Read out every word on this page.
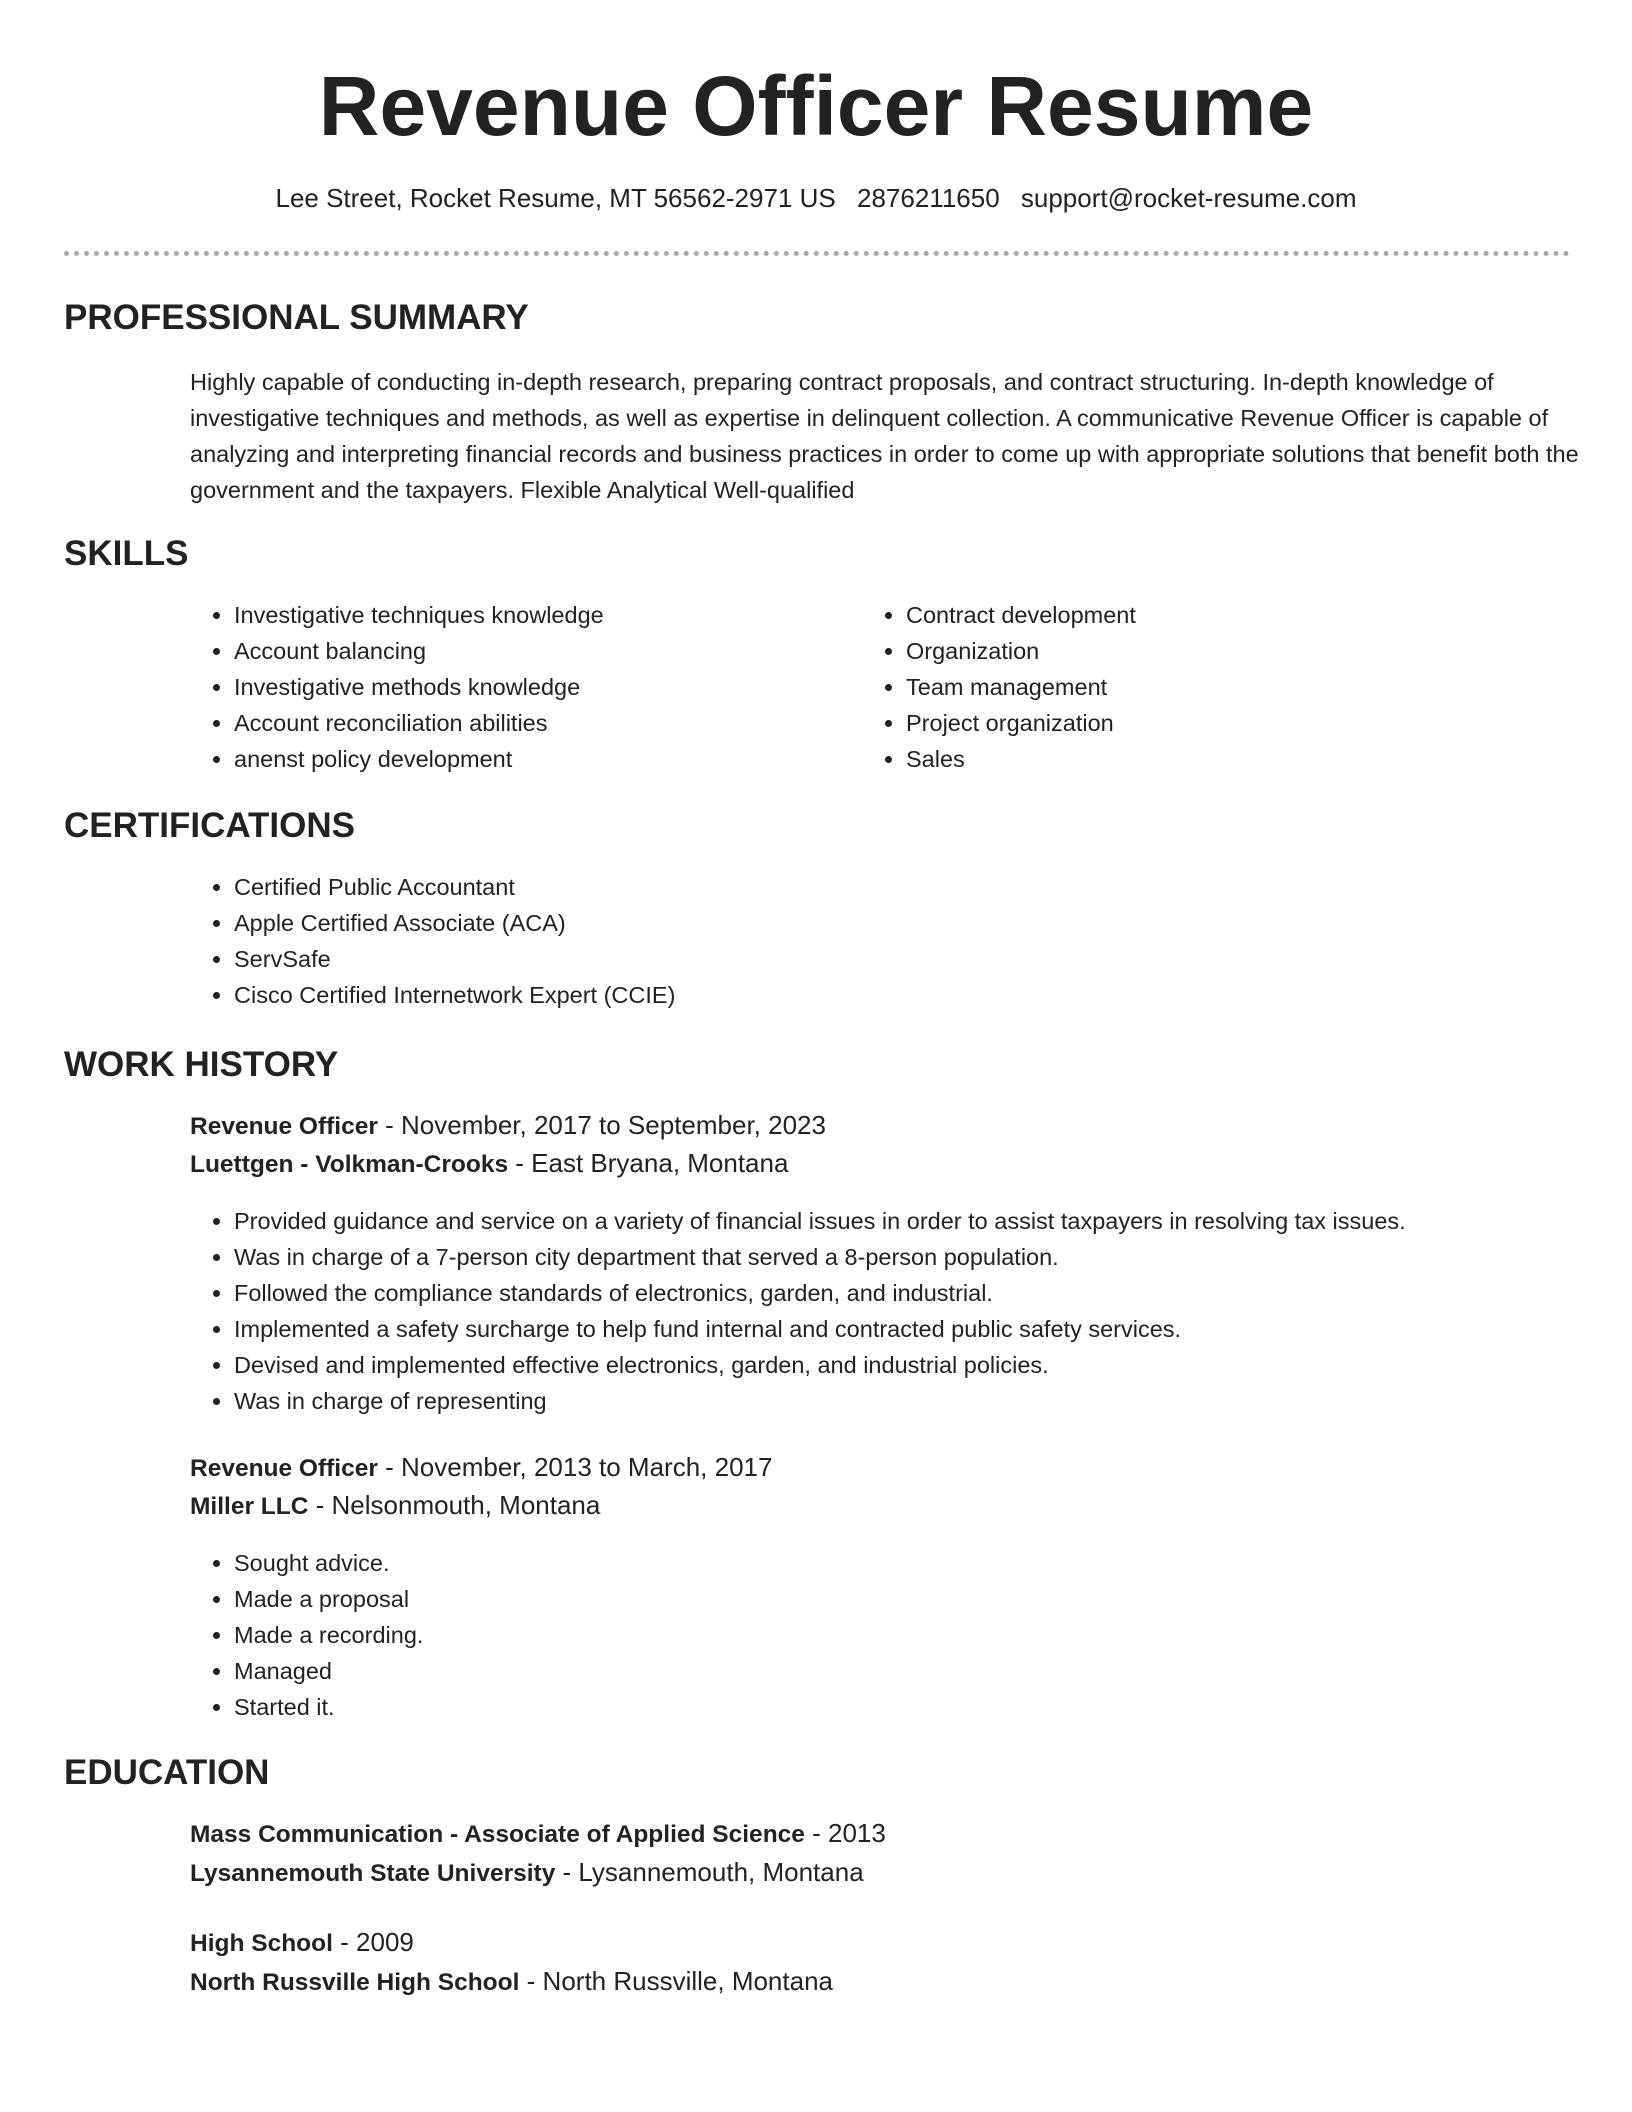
Revenue Officer Resume
Lee Street, Rocket Resume, MT 56562-2971 US 2876211650 support@rocket-resume.com
PROFESSIONAL SUMMARY

Highly capable of conducting in-depth research, preparing contract proposals, and contract structuring. In-depth knowledge of investigative techniques and methods, as well as expertise in delinquent collection. A communicative Revenue Officer is capable of analyzing and interpreting financial records and business practices in order to come up with appropriate solutions that benefit both the government and the taxpayers. Flexible Analytical Well-qualified

SKILLS
• Investigative techniques knowledge
• Account balancing
• Investigative methods knowledge
• Account reconciliation abilities
• anenst policy development
• Contract development
• Organization
• Team management
• Project organization
• Sales
CERTIFICATIONS
• Certified Public Accountant
• Apple Certified Associate (ACA)
• ServSafe
• Cisco Certified Internetwork Expert (CCIE)
WORK HISTORY
Revenue Officer - November, 2017 to September, 2023
Luettgen - Volkman-Crooks - East Bryana, Montana
• Provided guidance and service on a variety of financial issues in order to assist taxpayers in resolving tax issues.
• Was in charge of a 7-person city department that served a 8-person population.
• Followed the compliance standards of electronics, garden, and industrial.
• Implemented a safety surcharge to help fund internal and contracted public safety services.
• Devised and implemented effective electronics, garden, and industrial policies.
• Was in charge of representing
Revenue Officer - November, 2013 to March, 2017
Miller LLC - Nelsonmouth, Montana
• Sought advice.
• Made a proposal
• Made a recording.
• Managed
• Started it.
EDUCATION
Mass Communication - Associate of Applied Science - 2013
Lysannemouth State University - Lysannemouth, Montana
High School - 2009
North Russville High School - North Russville, Montana
